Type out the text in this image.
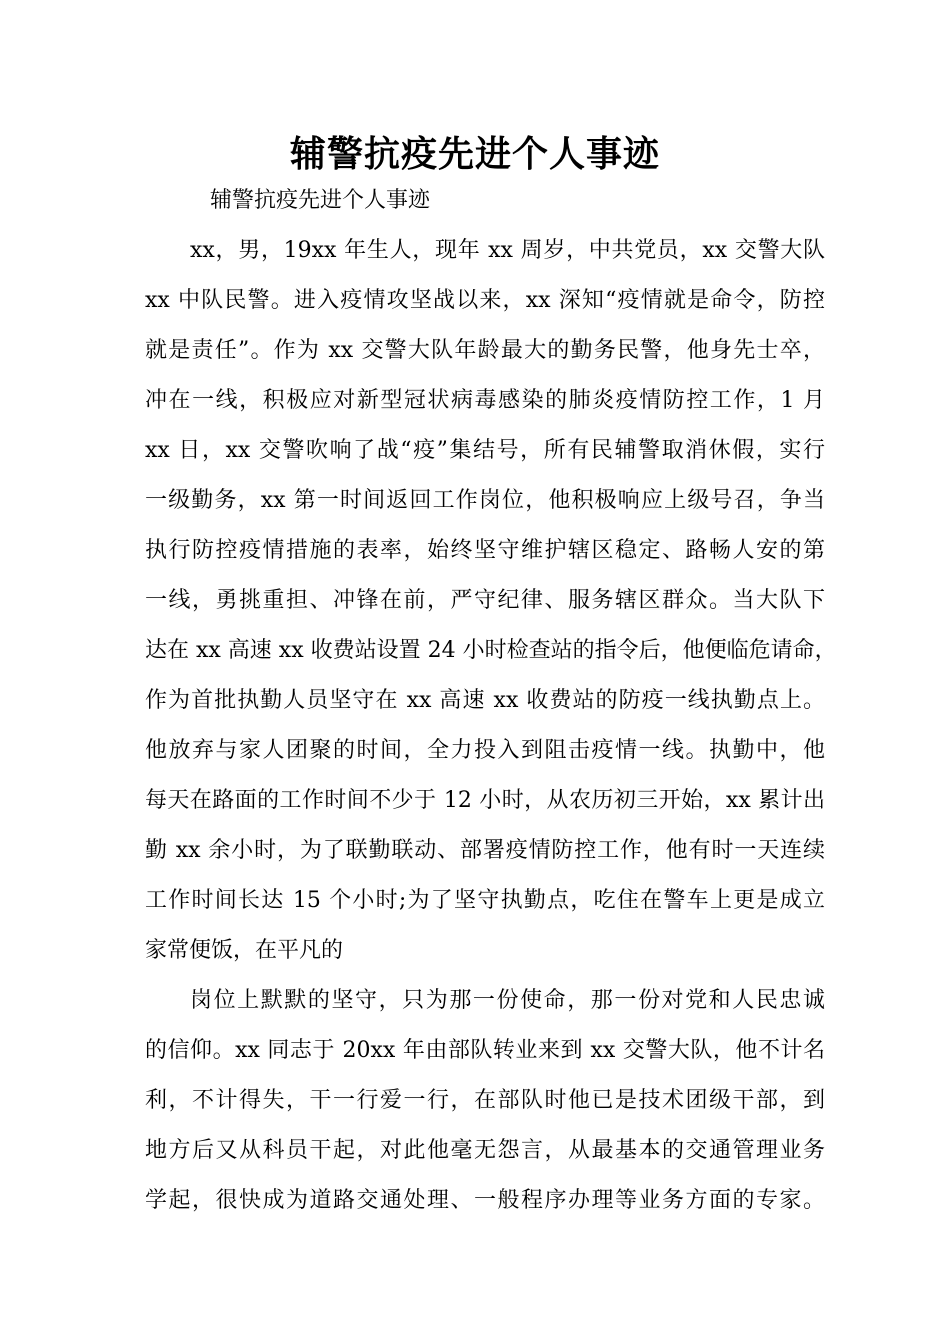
辅警抗疫先进个人事迹
辅警抗疫先进个人事迹
xx，男，19xx 年生人，现年 xx 周岁，中共党员，xx 交警大队
xx 中队民警。进入疫情攻坚战以来，xx 深知“疫情就是命令，防控
就是责任”。作为 xx 交警大队年龄最大的勤务民警，他身先士卒，
冲在一线，积极应对新型冠状病毒感染的肺炎疫情防控工作，1 月
xx 日，xx 交警吹响了战“疫”集结号，所有民辅警取消休假，实行
一级勤务，xx 第一时间返回工作岗位，他积极响应上级号召，争当
执行防控疫情措施的表率，始终坚守维护辖区稳定、路畅人安的第
一线，勇挑重担、冲锋在前，严守纪律、服务辖区群众。当大队下
达在 xx 高速 xx 收费站设置 24 小时检查站的指令后，他便临危请命，
作为首批执勤人员坚守在 xx 高速 xx 收费站的防疫一线执勤点上。
他放弃与家人团聚的时间，全力投入到阻击疫情一线。执勤中，他
每天在路面的工作时间不少于 12 小时，从农历初三开始，xx 累计出
勤 xx 余小时，为了联勤联动、部署疫情防控工作，他有时一天连续
工作时间长达 15 个小时;为了坚守执勤点，吃住在警车上更是成立
家常便饭，在平凡的
岗位上默默的坚守，只为那一份使命，那一份对党和人民忠诚
的信仰。xx 同志于 20xx 年由部队转业来到 xx 交警大队，他不计名
利，不计得失，干一行爱一行，在部队时他已是技术团级干部，到
地方后又从科员干起，对此他毫无怨言，从最基本的交通管理业务
学起，很快成为道路交通处理、一般程序办理等业务方面的专家。
